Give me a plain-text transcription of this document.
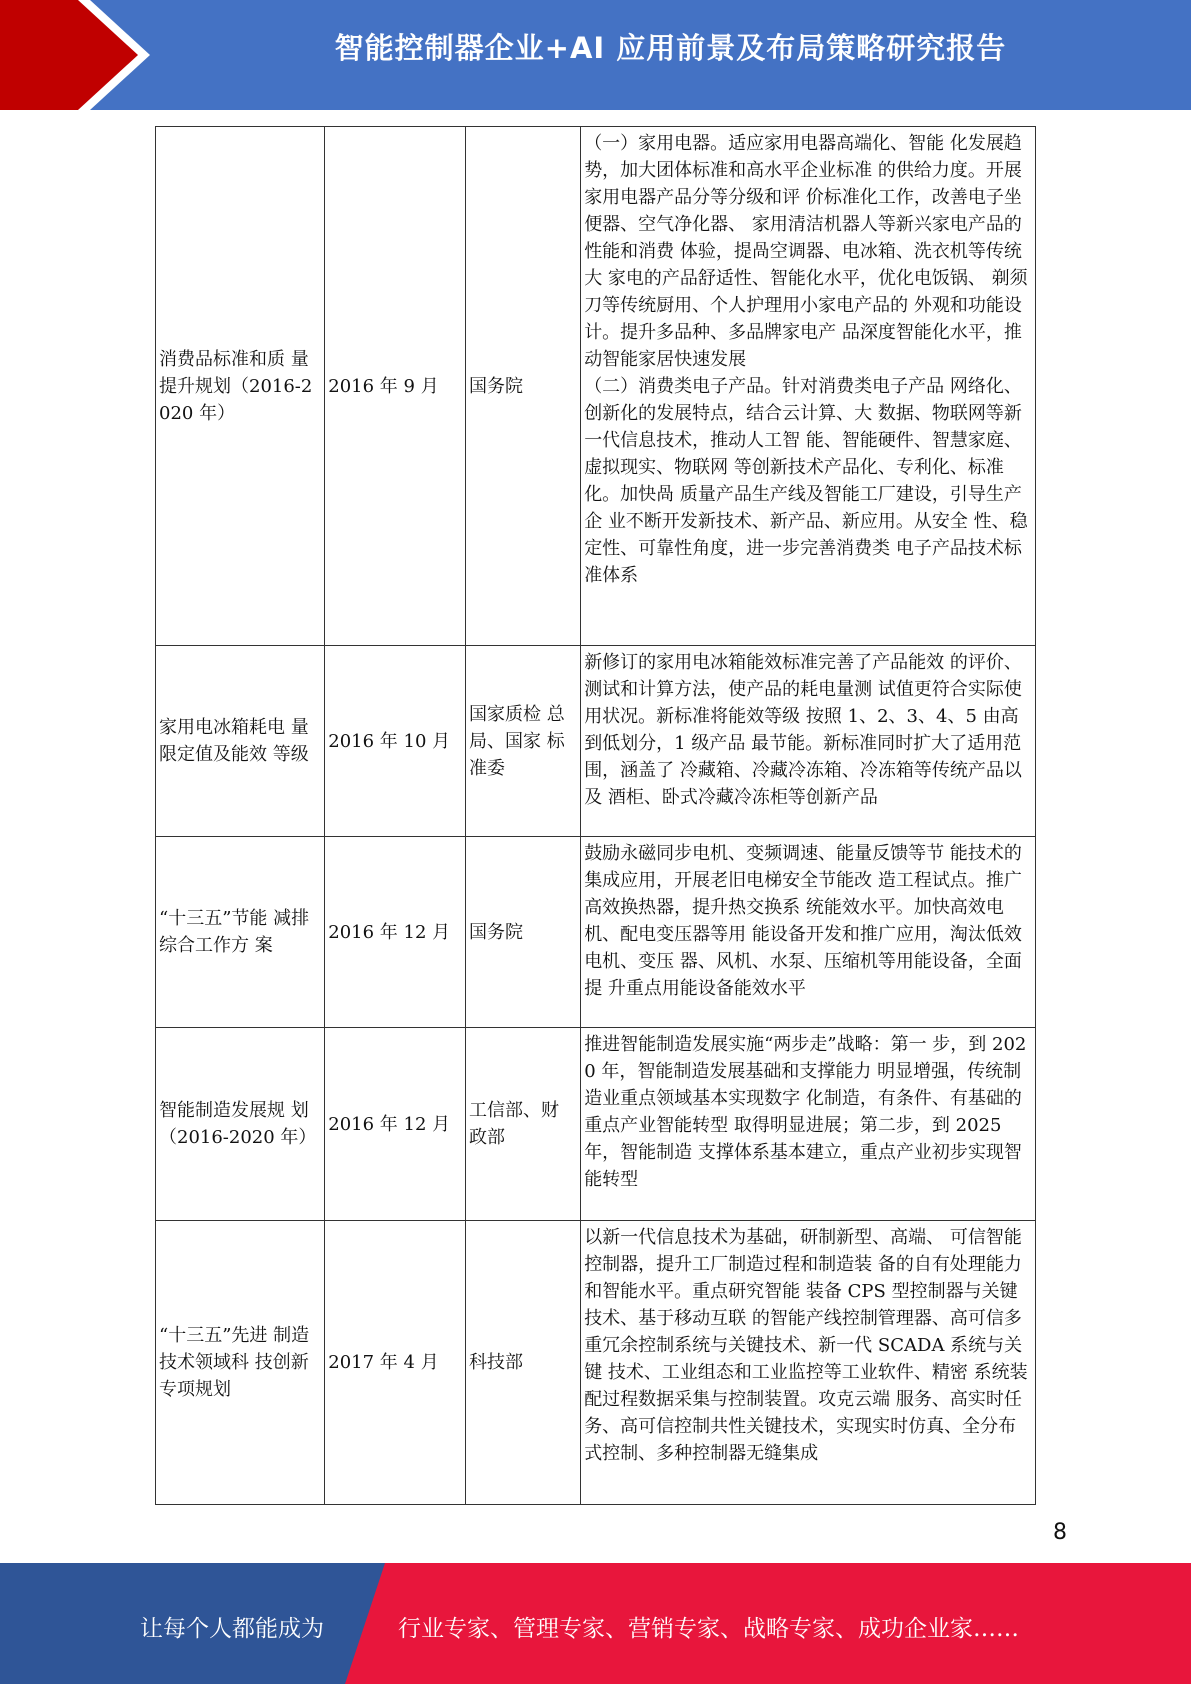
智能控制器企业+AI 应用前景及布局策略研究报告
消费品标准和质 量提升规划（2016-2020 年）	2016 年 9 月	国务院	（一）家用电器。适应家用电器高端化、智能 化发展趋势，加大团体标准和高水平企业标准 的供给力度。开展家用电器产品分等分级和评 价标准化工作，改善电子坐便器、空气净化器、 家用清洁机器人等新兴家电产品的性能和消费 体验，提咼空调器、电冰箱、洗衣机等传统大 家电的产品舒适性、智能化水平，优化电饭锅、 剃须刀等传统厨用、个人护理用小家电产品的 外观和功能设计。提升多品种、多品牌家电产 品深度智能化水平，推动智能家居快速发展
（二）消费类电子产品。针对消费类电子产品 网络化、创新化的发展特点，结合云计算、大 数据、物联网等新一代信息技术，推动人工智 能、智能硬件、智慧家庭、虚拟现实、物联网 等创新技术产品化、专利化、标准化。加快咼 质量产品生产线及智能工厂建设，引导生产企 业不断开发新技术、新产品、新应用。从安全 性、稳定性、可靠性角度，进一步完善消费类 电子产品技术标准体系
家用电冰箱耗电 量限定值及能效 等级	2016 年 10 月	国家质检 总局、国家 标准委	新修订的家用电冰箱能效标准完善了产品能效 的评价、测试和计算方法，使产品的耗电量测 试值更符合实际使用状况。新标准将能效等级 按照 1、2、3、4、5 由高到低划分，1 级产品 最节能。新标准同时扩大了适用范围，涵盖了 冷藏箱、冷藏冷冻箱、冷冻箱等传统产品以及 酒柜、卧式冷藏冷冻柜等创新产品
“十三五”节能 减排综合工作方 案	2016 年 12 月	国务院	鼓励永磁同步电机、变频调速、能量反馈等节 能技术的集成应用，开展老旧电梯安全节能改 造工程试点。推广高效换热器，提升热交换系 统能效水平。加快高效电机、配电变压器等用 能设备开发和推广应用，淘汰低效电机、变压 器、风机、水泵、压缩机等用能设备，全面提 升重点用能设备能效水平
智能制造发展规 划（2016-2020 年）	2016 年 12 月	工信部、财 政部	推进智能制造发展实施“两步走”战略：第一 步，到 2020 年，智能制造发展基础和支撑能力 明显增强，传统制造业重点领域基本实现数字 化制造，有条件、有基础的重点产业智能转型 取得明显进展；第二步，到 2025 年，智能制造 支撑体系基本建立，重点产业初步实现智能转型
“十三五”先进 制造技术领域科 技创新专项规划	2017 年 4 月	科技部	以新一代信息技术为基础，研制新型、高端、 可信智能控制器，提升工厂制造过程和制造装 备的自有处理能力和智能水平。重点研究智能 装备 CPS 型控制器与关键技术、基于移动互联 的智能产线控制管理器、高可信多重冗余控制系统与关键技术、新一代 SCADA 系统与关键 技术、工业组态和工业监控等工业软件、精密 系统装配过程数据采集与控制装置。攻克云端 服务、高实时任务、高可信控制共性关键技术，实现实时仿真、全分布式控制、多种控制器无缝集成
8
让每个人都能成为	行业专家、管理专家、营销专家、战略专家、成功企业家……
